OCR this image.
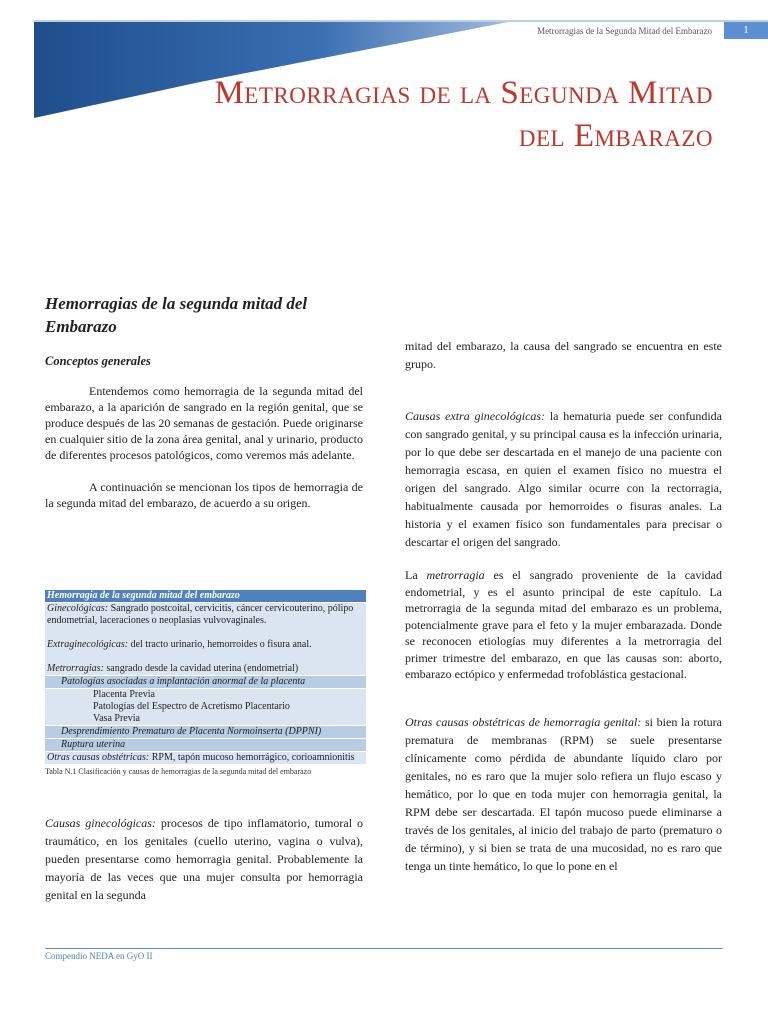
Metrorragias de la Segunda Mitad del Embarazo	1
Metrorragias de la Segunda Mitad
del Embarazo
Hemorragias de la segunda mitad del Embarazo
Conceptos generales

Entendemos como hemorragia de la segunda mitad del embarazo, a la aparición de sangrado en la región genital, que se produce después de las 20 semanas de gestación. Puede originarse en cualquier sitio de la zona área genital, anal y urinario, producto de diferentes procesos patológicos, como veremos más adelante.

A continuación se mencionan los tipos de hemorragia de la segunda mitad del embarazo, de acuerdo a su origen.

Hemorragia de la segunda mitad del embarazo
Ginecológicas: Sangrado postcoital, cervicitis, cáncer cervicouterino, pólipo endometrial, laceraciones o neoplasias vulvovaginales.
Extraginecológicas: del tracto urinario, hemorroides o fisura anal.
Metrorragias: sangrado desde la cavidad uterina (endometrial)
Patologías asociadas a implantación anormal de la placenta
Placenta Previa
Patologías del Espectro de Acretismo Placentario
Vasa Previa
Desprendimiento Prematuro de Placenta Normoinserta (DPPNI)
Ruptura uterina
Otras causas obstétricas: RPM, tapón mucoso hemorrágico, corioamnionitis
Tabla N.1 Clasificación y causas de hemorragias de la segunda mitad del embarazo

Causas ginecológicas: procesos de tipo inflamatorio, tumoral o traumático, en los genitales (cuello uterino, vagina o vulva), pueden presentarse como hemorragia genital. Probablemente la mayoría de las veces que una mujer consulta por hemorragia genital en la segunda

mitad del embarazo, la causa del sangrado se encuentra en este grupo.

Causas extra ginecológicas: la hematuria puede ser confundida con sangrado genital, y su principal causa es la infección urinaria, por lo que debe ser descartada en el manejo de una paciente con hemorragia escasa, en quien el examen físico no muestra el origen del sangrado. Algo similar ocurre con la rectorragia, habitualmente causada por hemorroides o fisuras anales. La historia y el examen físico son fundamentales para precisar o descartar el origen del sangrado.

La metrorragia es el sangrado proveniente de la cavidad endometrial, y es el asunto principal de este capítulo. La metrorragia de la segunda mitad del embarazo es un problema, potencialmente grave para el feto y la mujer embarazada. Donde se reconocen etiologías muy diferentes a la metrorragia del primer trimestre del embarazo, en que las causas son: aborto, embarazo ectópico y enfermedad trofoblástica gestacional.

Otras causas obstétricas de hemorragia genital: si bien la rotura prematura de membranas (RPM) se suele presentarse clínicamente como pérdida de abundante líquido claro por genitales, no es raro que la mujer solo refiera un flujo escaso y hemático, por lo que en toda mujer con hemorragia genital, la RPM debe ser descartada. El tapón mucoso puede eliminarse a través de los genitales, al inicio del trabajo de parto (prematuro o de término), y si bien se trata de una mucosidad, no es raro que tenga un tinte hemático, lo que lo pone en el

Compendio NEDA en GyO II
